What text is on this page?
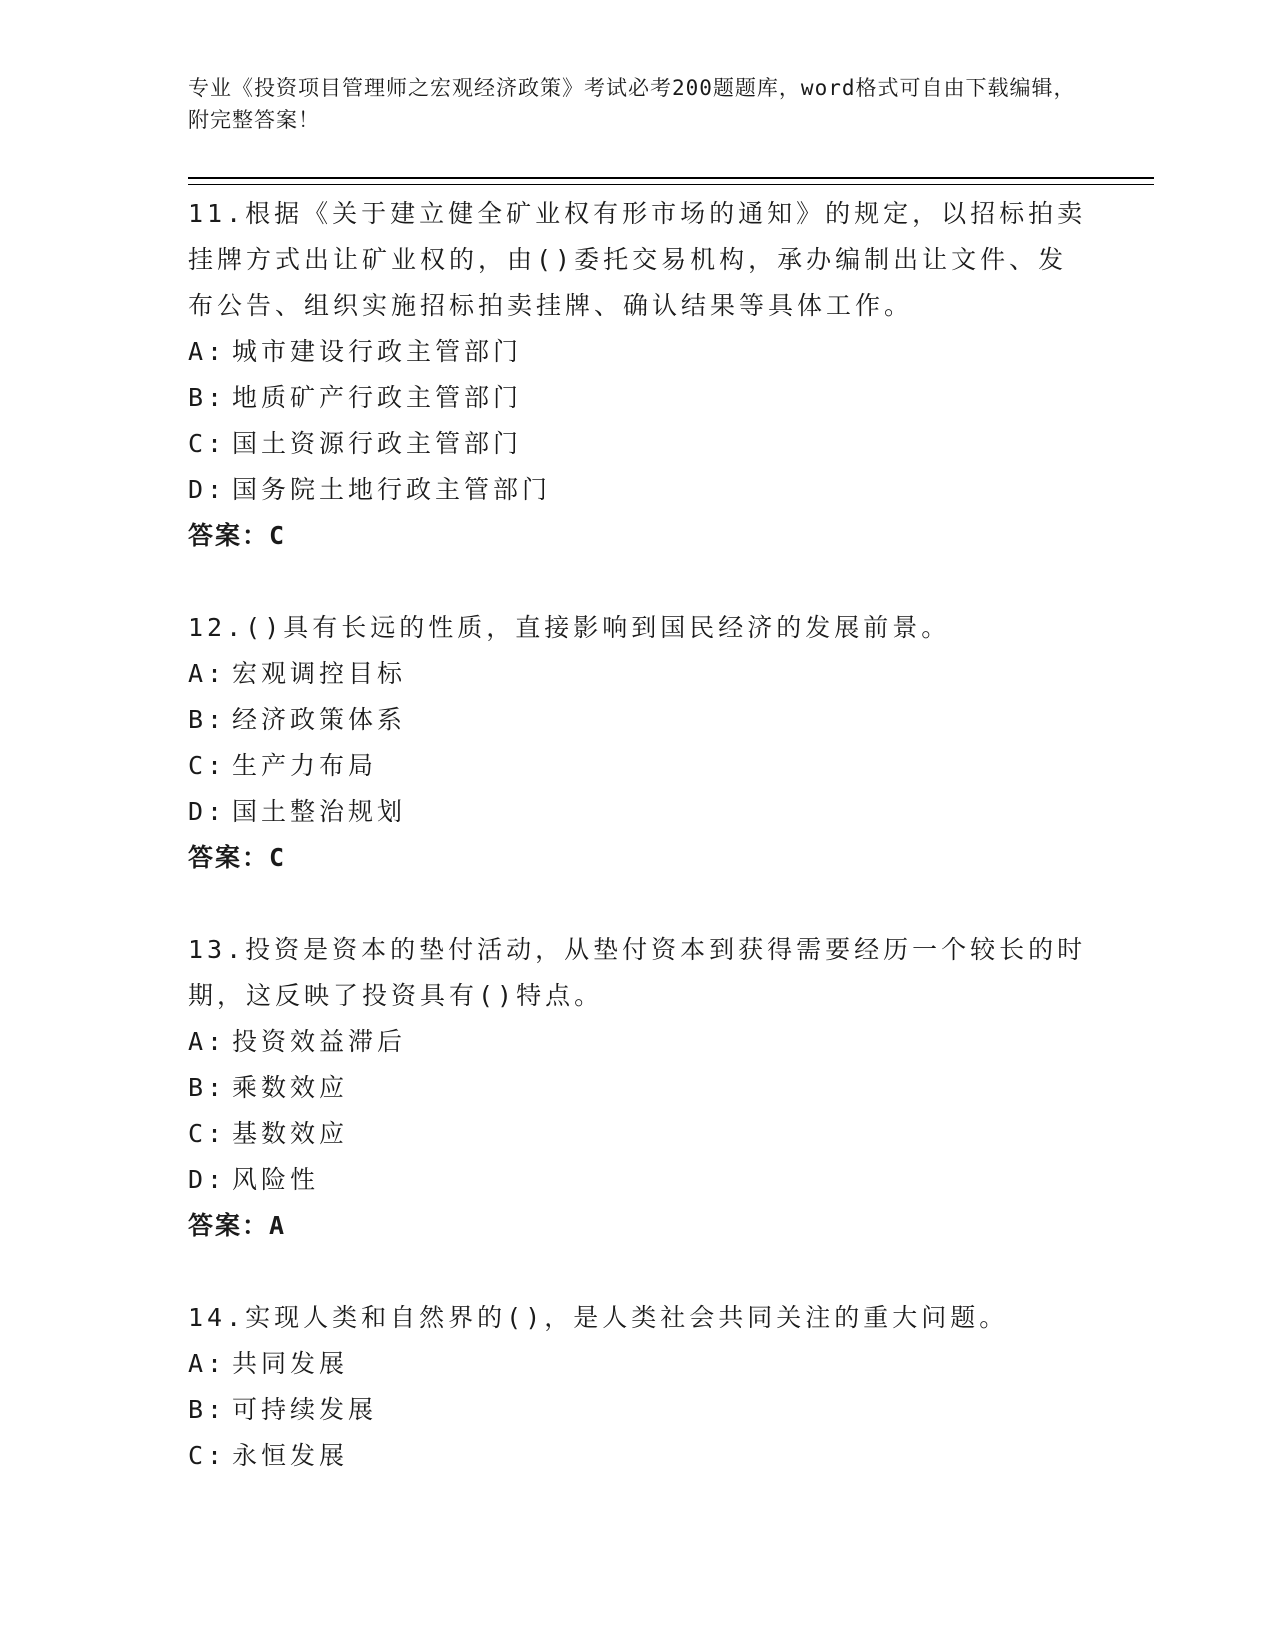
专业《投资项目管理师之宏观经济政策》考试必考200题题库，word格式可自由下载编辑，附完整答案！
11.根据《关于建立健全矿业权有形市场的通知》的规定，以招标拍卖挂牌方式出让矿业权的，由()委托交易机构，承办编制出让文件、发布公告、组织实施招标拍卖挂牌、确认结果等具体工作。
A: 城市建设行政主管部门
B: 地质矿产行政主管部门
C: 国土资源行政主管部门
D: 国务院土地行政主管部门
答案：C
12.()具有长远的性质，直接影响到国民经济的发展前景。
A: 宏观调控目标
B: 经济政策体系
C: 生产力布局
D: 国土整治规划
答案：C
13.投资是资本的垫付活动，从垫付资本到获得需要经历一个较长的时期，这反映了投资具有()特点。
A: 投资效益滞后
B: 乘数效应
C: 基数效应
D: 风险性
答案：A
14.实现人类和自然界的()，是人类社会共同关注的重大问题。
A: 共同发展
B: 可持续发展
C: 永恒发展
